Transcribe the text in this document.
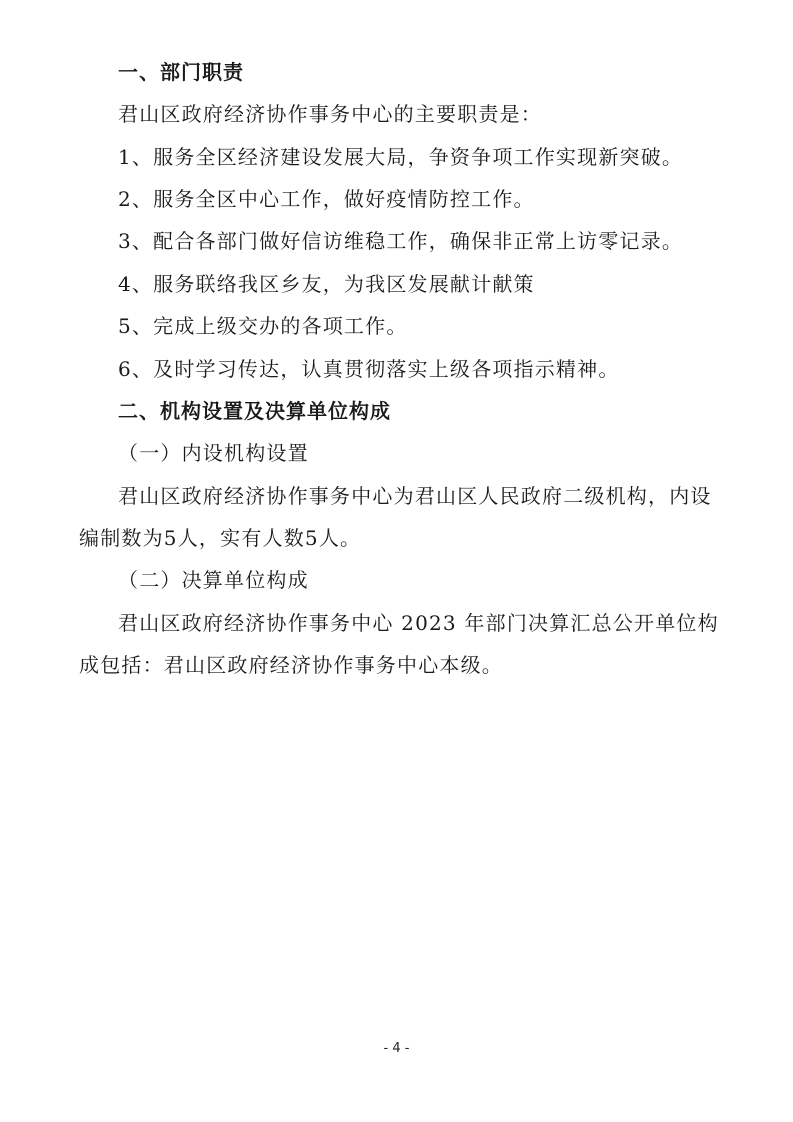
一、部门职责
君山区政府经济协作事务中心的主要职责是：
1、服务全区经济建设发展大局，争资争项工作实现新突破。
2、服务全区中心工作，做好疫情防控工作。
3、配合各部门做好信访维稳工作，确保非正常上访零记录。
4、服务联络我区乡友，为我区发展献计献策
5、完成上级交办的各项工作。
6、及时学习传达，认真贯彻落实上级各项指示精神。
二、机构设置及决算单位构成
（一）内设机构设置
君山区政府经济协作事务中心为君山区人民政府二级机构，内设
编制数为5人，实有人数5人。
（二）决算单位构成
君山区政府经济协作事务中心 2023 年部门决算汇总公开单位构
成包括：君山区政府经济协作事务中心本级。
- 4 -
